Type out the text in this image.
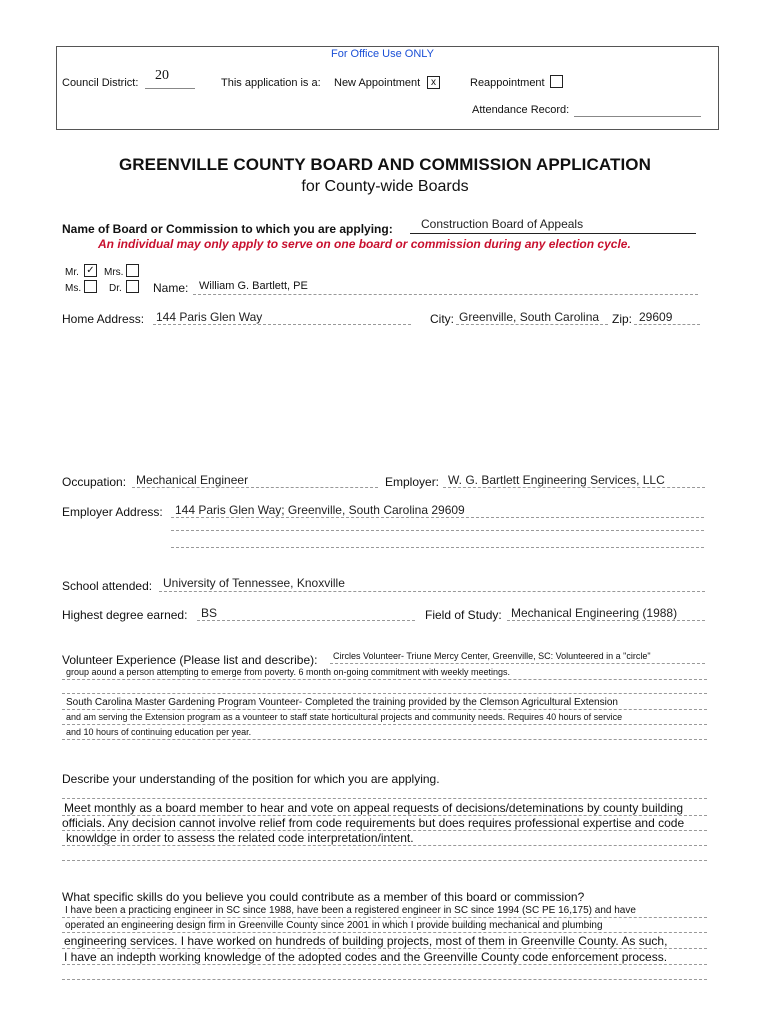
For Office Use ONLY
Council District: 20	This application is a: New Appointment	x	Reappointment
Attendance Record:
GREENVILLE COUNTY BOARD AND COMMISSION APPLICATION
for County-wide Boards
Name of Board or Commission to which you are applying: Construction Board of Appeals
An individual may only apply to serve on one board or commission during any election cycle.
Mr. ✓ Mrs.
Ms.	Dr.	Name: William G. Bartlett, PE
Home Address: 144 Paris Glen Way	City: Greenville, South Carolina Zip: 29609
Occupation: Mechanical Engineer	Employer: W. G. Bartlett Engineering Services, LLC
Employer Address: 144 Paris Glen Way; Greenville, South Carolina 29609
School attended: University of Tennessee, Knoxville
Highest degree earned: BS	Field of Study: Mechanical Engineering (1988)
Volunteer Experience (Please list and describe): Circles Volunteer- Triune Mercy Center, Greenville, SC: Volunteered in a "circle"
group aound a person attempting to emerge from poverty. 6 month on-going commitment with weekly meetings.
South Carolina Master Gardening Program Vounteer- Completed the training provided by the Clemson Agricultural Extension
and am serving the Extension program as a vounteer to staff state horticultural projects and community needs. Requires 40 hours of service
and 10 hours of continuing education per year.
Describe your understanding of the position for which you are applying.
Meet monthly as a board member to hear and vote on appeal requests of decisions/deteminations by county building
officials. Any decision cannot involve relief from code requirements but does requires professional expertise and code
knowldge in order to assess the related code interpretation/intent.
What specific skills do you believe you could contribute as a member of this board or commission?
I have been a practicing engineer in SC since 1988, have been a registered engineer in SC since 1994 (SC PE 16,175) and have
operated an engineering design firm in Greenville County since 2001 in which I provide building mechanical and plumbing
engineering services. I have worked on hundreds of building projects, most of them in Greenville County. As such,
I have an indepth working knowledge of the adopted codes and the Greenville County code enforcement process.
